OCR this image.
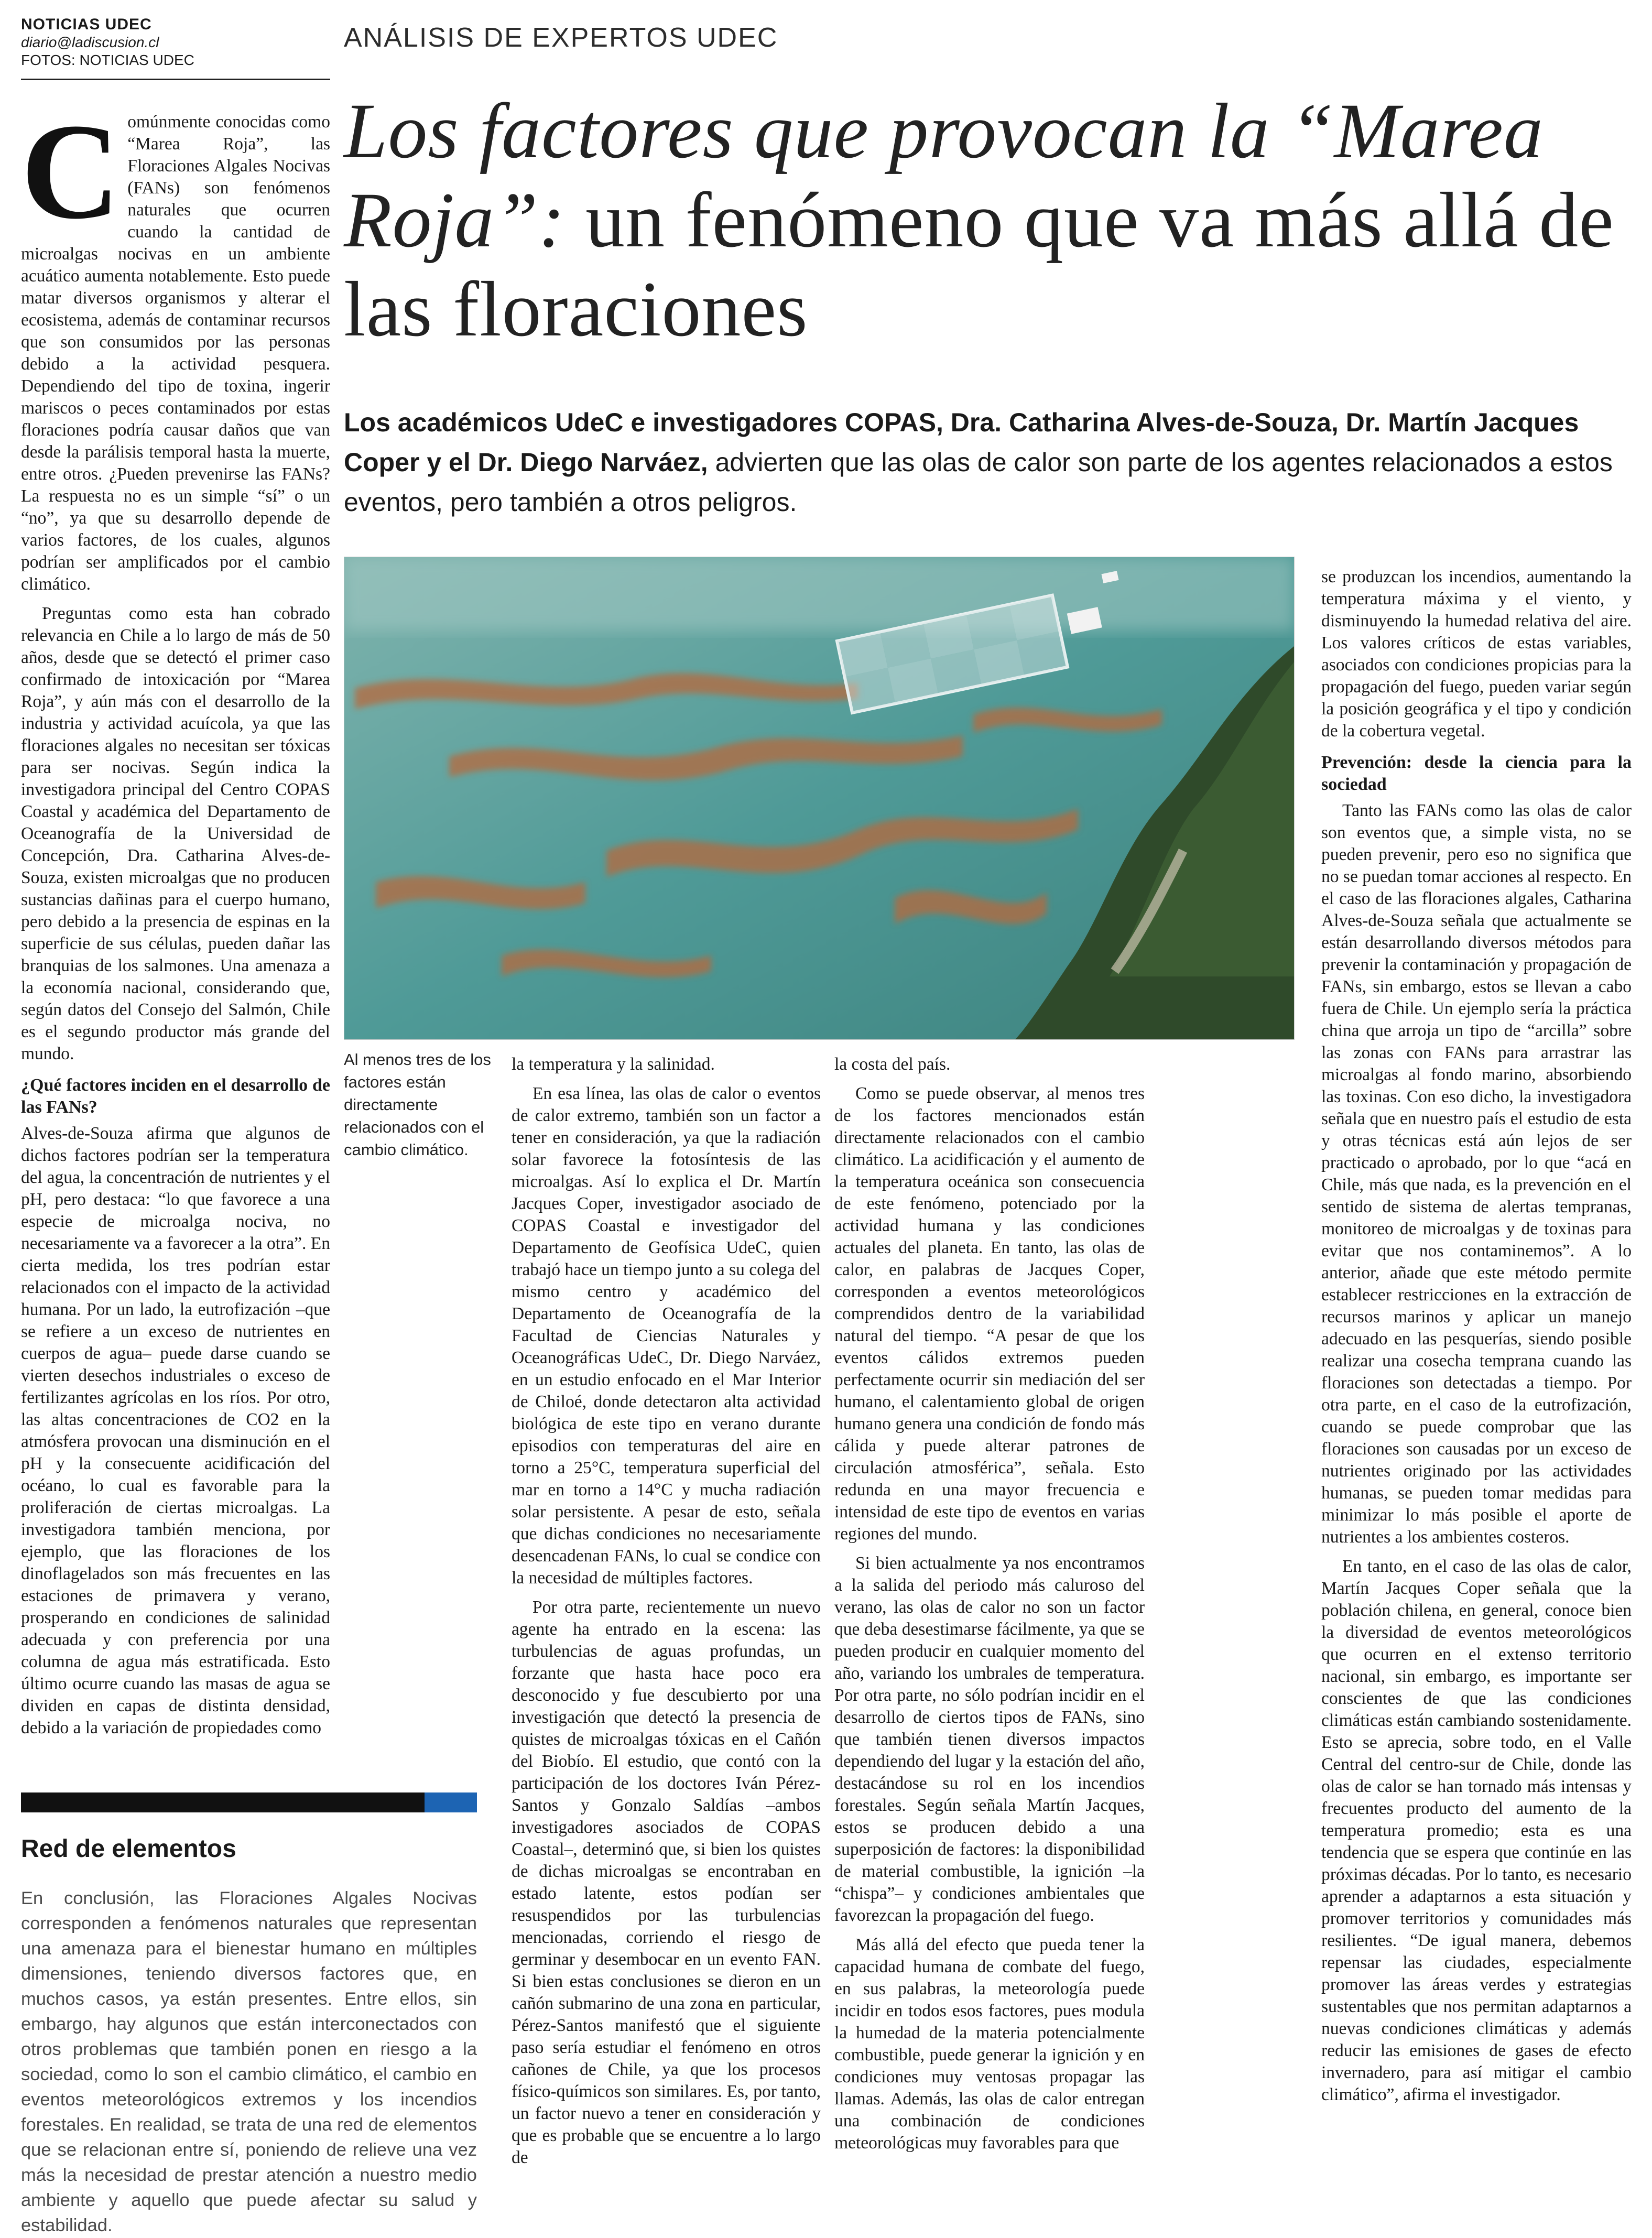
NOTICIAS UDEC
diario@ladiscusion.cl
FOTOS: NOTICIAS UDEC
ANÁLISIS DE EXPERTOS UDEC
Los factores que provocan la “Marea Roja”: un fenómeno que va más allá de las floraciones
Los académicos UdeC e investigadores COPAS, Dra. Catharina Alves-de-Souza, Dr. Martín Jacques Coper y el Dr. Diego Narváez, advierten que las olas de calor son parte de los agentes relacionados a estos eventos, pero también a otros peligros.

Comúnmente conocidas como “Marea Roja”, las Floraciones Algales Nocivas (FANs) son fenómenos naturales que ocurren cuando la cantidad de microalgas nocivas en un ambiente acuático aumenta notablemente. Esto puede matar diversos organismos y alterar el ecosistema, además de contaminar recursos que son consumidos por las personas debido a la actividad pesquera. Dependiendo del tipo de toxina, ingerir mariscos o peces contaminados por estas floraciones podría causar daños que van desde la parálisis temporal hasta la muerte, entre otros. ¿Pueden prevenirse las FANs? La respuesta no es un simple “sí” o un “no”, ya que su desarrollo depende de varios factores, de los cuales, algunos podrían ser amplificados por el cambio climático.

Preguntas como esta han cobrado relevancia en Chile a lo largo de más de 50 años, desde que se detectó el primer caso confirmado de intoxicación por “Marea Roja”, y aún más con el desarrollo de la industria y actividad acuícola, ya que las floraciones algales no necesitan ser tóxicas para ser nocivas. Según indica la investigadora principal del Centro COPAS Coastal y académica del Departamento de Oceanografía de la Universidad de Concepción, Dra. Catharina Alves-de-Souza, existen microalgas que no producen sustancias dañinas para el cuerpo humano, pero debido a la presencia de espinas en la superficie de sus células, pueden dañar las branquias de los salmones. Una amenaza a la economía nacional, considerando que, según datos del Consejo del Salmón, Chile es el segundo productor más grande del mundo.

¿Qué factores inciden en el desarrollo de las FANs?

Alves-de-Souza afirma que algunos de dichos factores podrían ser la temperatura del agua, la concentración de nutrientes y el pH, pero destaca: “lo que favorece a una especie de microalga nociva, no necesariamente va a favorecer a la otra”. En cierta medida, los tres podrían estar relacionados con el impacto de la actividad humana. Por un lado, la eutrofización –que se refiere a un exceso de nutrientes en cuerpos de agua– puede darse cuando se vierten desechos industriales o exceso de fertilizantes agrícolas en los ríos. Por otro, las altas concentraciones de CO2 en la atmósfera provocan una disminución en el pH y la consecuente acidificación del océano, lo cual es favorable para la proliferación de ciertas microalgas. La investigadora también menciona, por ejemplo, que las floraciones de los dinoflagelados son más frecuentes en las estaciones de primavera y verano, prosperando en condiciones de salinidad adecuada y con preferencia por una columna de agua más estratificada. Esto último ocurre cuando las masas de agua se dividen en capas de distinta densidad, debido a la variación de propiedades como

Al menos tres de los factores están directamente relacionados con el cambio climático.

la temperatura y la salinidad.

En esa línea, las olas de calor o eventos de calor extremo, también son un factor a tener en consideración, ya que la radiación solar favorece la fotosíntesis de las microalgas. Así lo explica el Dr. Martín Jacques Coper, investigador asociado de COPAS Coastal e investigador del Departamento de Geofísica UdeC, quien trabajó hace un tiempo junto a su colega del mismo centro y académico del Departamento de Oceanografía de la Facultad de Ciencias Naturales y Oceanográficas UdeC, Dr. Diego Narváez, en un estudio enfocado en el Mar Interior de Chiloé, donde detectaron alta actividad biológica de este tipo en verano durante episodios con temperaturas del aire en torno a 25°C, temperatura superficial del mar en torno a 14°C y mucha radiación solar persistente. A pesar de esto, señala que dichas condiciones no necesariamente desencadenan FANs, lo cual se condice con la necesidad de múltiples factores.

Por otra parte, recientemente un nuevo agente ha entrado en la escena: las turbulencias de aguas profundas, un forzante que hasta hace poco era desconocido y fue descubierto por una investigación que detectó la presencia de quistes de microalgas tóxicas en el Cañón del Biobío. El estudio, que contó con la participación de los doctores Iván Pérez-Santos y Gonzalo Saldías –ambos investigadores asociados de COPAS Coastal–, determinó que, si bien los quistes de dichas microalgas se encontraban en estado latente, estos podían ser resuspendidos por las turbulencias mencionadas, corriendo el riesgo de germinar y desembocar en un evento FAN. Si bien estas conclusiones se dieron en un cañón submarino de una zona en particular, Pérez-Santos manifestó que el siguiente paso sería estudiar el fenómeno en otros cañones de Chile, ya que los procesos físico-químicos son similares. Es, por tanto, un factor nuevo a tener en consideración y que es probable que se encuentre a lo largo de

la costa del país.

Como se puede observar, al menos tres de los factores mencionados están directamente relacionados con el cambio climático. La acidificación y el aumento de la temperatura oceánica son consecuencia de este fenómeno, potenciado por la actividad humana y las condiciones actuales del planeta. En tanto, las olas de calor, en palabras de Jacques Coper, corresponden a eventos meteorológicos comprendidos dentro de la variabilidad natural del tiempo. “A pesar de que los eventos cálidos extremos pueden perfectamente ocurrir sin mediación del ser humano, el calentamiento global de origen humano genera una condición de fondo más cálida y puede alterar patrones de circulación atmosférica”, señala. Esto redunda en una mayor frecuencia e intensidad de este tipo de eventos en varias regiones del mundo.

Si bien actualmente ya nos encontramos a la salida del periodo más caluroso del verano, las olas de calor no son un factor que deba desestimarse fácilmente, ya que se pueden producir en cualquier momento del año, variando los umbrales de temperatura. Por otra parte, no sólo podrían incidir en el desarrollo de ciertos tipos de FANs, sino que también tienen diversos impactos dependiendo del lugar y la estación del año, destacándose su rol en los incendios forestales. Según señala Martín Jacques, estos se producen debido a una superposición de factores: la disponibilidad de material combustible, la ignición –la “chispa”– y condiciones ambientales que favorezcan la propagación del fuego.

Más allá del efecto que pueda tener la capacidad humana de combate del fuego, en sus palabras, la meteorología puede incidir en todos esos factores, pues modula la humedad de la materia potencialmente combustible, puede generar la ignición y en condiciones muy ventosas propagar las llamas. Además, las olas de calor entregan una combinación de condiciones meteorológicas muy favorables para que

se produzcan los incendios, aumentando la temperatura máxima y el viento, y disminuyendo la humedad relativa del aire. Los valores críticos de estas variables, asociados con condiciones propicias para la propagación del fuego, pueden variar según la posición geográfica y el tipo y condición de la cobertura vegetal.

Prevención: desde la ciencia para la sociedad

Tanto las FANs como las olas de calor son eventos que, a simple vista, no se pueden prevenir, pero eso no significa que no se puedan tomar acciones al respecto. En el caso de las floraciones algales, Catharina Alves-de-Souza señala que actualmente se están desarrollando diversos métodos para prevenir la contaminación y propagación de FANs, sin embargo, estos se llevan a cabo fuera de Chile. Un ejemplo sería la práctica china que arroja un tipo de “arcilla” sobre las zonas con FANs para arrastrar las microalgas al fondo marino, absorbiendo las toxinas. Con eso dicho, la investigadora señala que en nuestro país el estudio de esta y otras técnicas está aún lejos de ser practicado o aprobado, por lo que “acá en Chile, más que nada, es la prevención en el sentido de sistema de alertas tempranas, monitoreo de microalgas y de toxinas para evitar que nos contaminemos”. A lo anterior, añade que este método permite establecer restricciones en la extracción de recursos marinos y aplicar un manejo adecuado en las pesquerías, siendo posible realizar una cosecha temprana cuando las floraciones son detectadas a tiempo. Por otra parte, en el caso de la eutrofización, cuando se puede comprobar que las floraciones son causadas por un exceso de nutrientes originado por las actividades humanas, se pueden tomar medidas para minimizar lo más posible el aporte de nutrientes a los ambientes costeros.

En tanto, en el caso de las olas de calor, Martín Jacques Coper señala que la población chilena, en general, conoce bien la diversidad de eventos meteorológicos que ocurren en el extenso territorio nacional, sin embargo, es importante ser conscientes de que las condiciones climáticas están cambiando sostenidamente. Esto se aprecia, sobre todo, en el Valle Central del centro-sur de Chile, donde las olas de calor se han tornado más intensas y frecuentes producto del aumento de la temperatura promedio; esta es una tendencia que se espera que continúe en las próximas décadas. Por lo tanto, es necesario aprender a adaptarnos a esta situación y promover territorios y comunidades más resilientes. “De igual manera, debemos repensar las ciudades, especialmente promover las áreas verdes y estrategias sustentables que nos permitan adaptarnos a nuevas condiciones climáticas y además reducir las emisiones de gases de efecto invernadero, para así mitigar el cambio climático”, afirma el investigador.

Red de elementos
En conclusión, las Floraciones Algales Nocivas corresponden a fenómenos naturales que representan una amenaza para el bienestar humano en múltiples dimensiones, teniendo diversos factores que, en muchos casos, ya están presentes. Entre ellos, sin embargo, hay algunos que están interconectados con otros problemas que también ponen en riesgo a la sociedad, como lo son el cambio climático, el cambio en eventos meteorológicos extremos y los incendios forestales. En realidad, se trata de una red de elementos que se relacionan entre sí, poniendo de relieve una vez más la necesidad de prestar atención a nuestro medio ambiente y aquello que puede afectar su salud y estabilidad.
